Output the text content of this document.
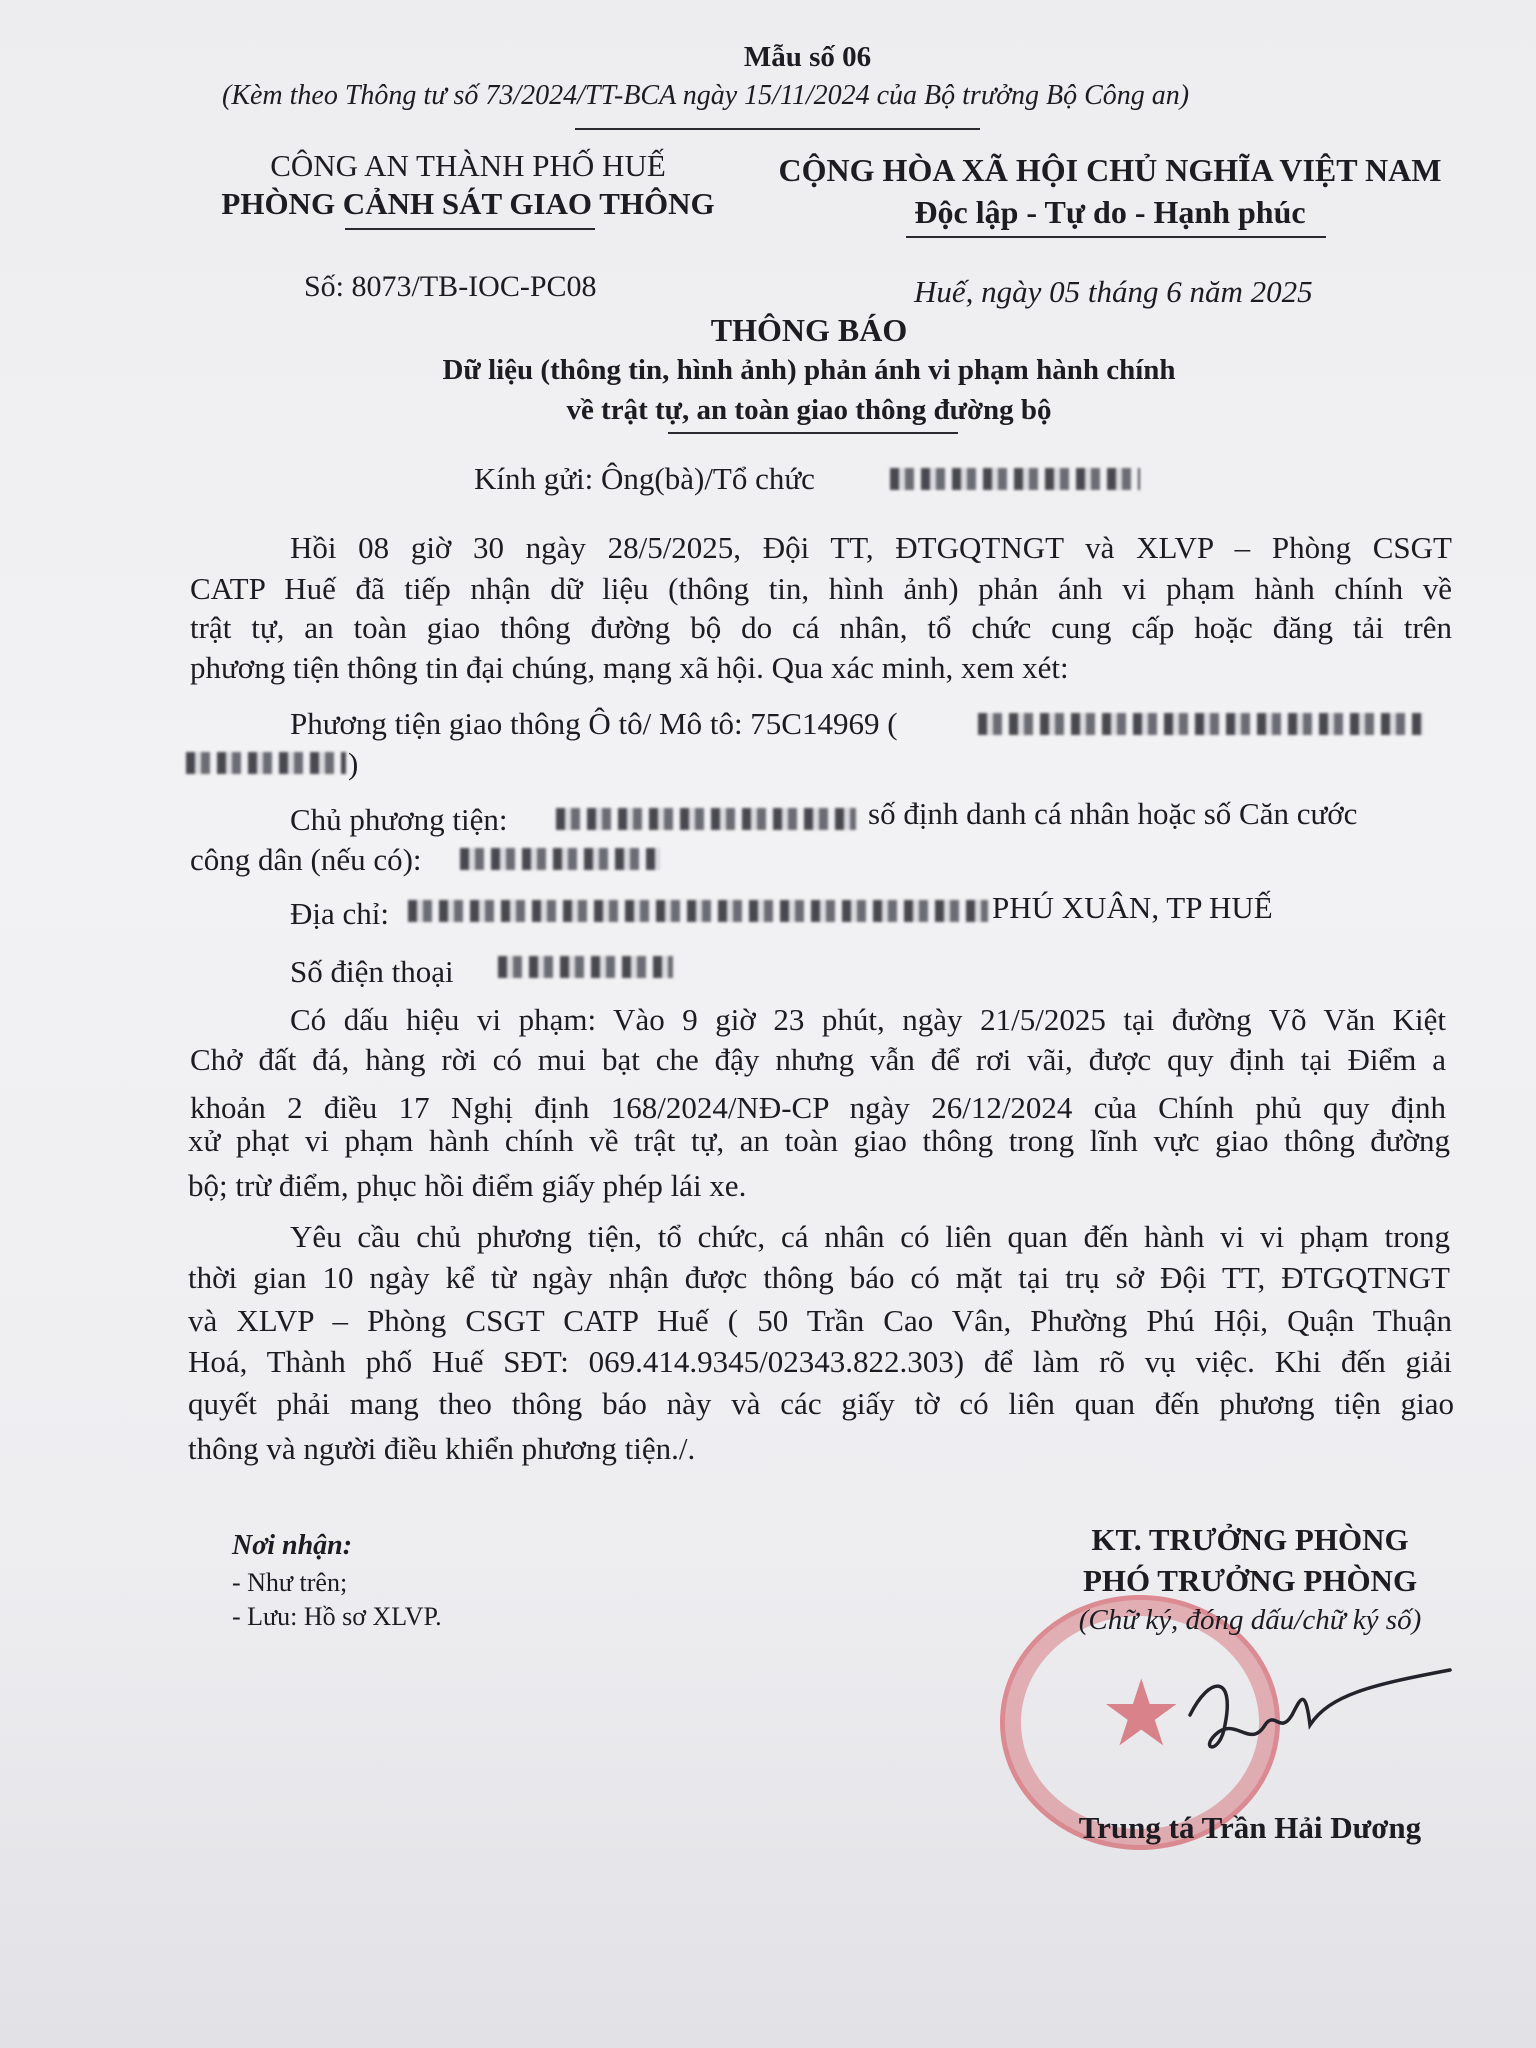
Mẫu số 06
(Kèm theo Thông tư số 73/2024/TT-BCA ngày 15/11/2024 của Bộ trưởng Bộ Công an)
CÔNG AN THÀNH PHỐ HUẾ
PHÒNG CẢNH SÁT GIAO THÔNG
CỘNG HÒA XÃ HỘI CHỦ NGHĨA VIỆT NAM
Độc lập - Tự do - Hạnh phúc
Số: 8073/TB-IOC-PC08	Huế, ngày 05 tháng 6 năm 2025
THÔNG BÁO
Dữ liệu (thông tin, hình ảnh) phản ánh vi phạm hành chính
về trật tự, an toàn giao thông đường bộ
Kính gửi: Ông(bà)/Tổ chức
Hồi 08 giờ 30 ngày 28/5/2025, Đội TT, ĐTGQTNGT và XLVP – Phòng CSGT
CATP Huế đã tiếp nhận dữ liệu (thông tin, hình ảnh) phản ánh vi phạm hành chính về
trật tự, an toàn giao thông đường bộ do cá nhân, tổ chức cung cấp hoặc đăng tải trên
phương tiện thông tin đại chúng, mạng xã hội. Qua xác minh, xem xét:
Phương tiện giao thông Ô tô/ Mô tô: 75C14969 (
)
Chủ phương tiện:	số định danh cá nhân hoặc số Căn cước
công dân (nếu có):
Địa chỉ:	PHÚ XUÂN, TP HUẾ
Số điện thoại
Có dấu hiệu vi phạm: Vào 9 giờ 23 phút, ngày 21/5/2025 tại đường Võ Văn Kiệt
Chở đất đá, hàng rời có mui bạt che đậy nhưng vẫn để rơi vãi, được quy định tại Điểm a
khoản 2 điều 17 Nghị định 168/2024/NĐ-CP ngày 26/12/2024 của Chính phủ quy định
xử phạt vi phạm hành chính về trật tự, an toàn giao thông trong lĩnh vực giao thông đường
bộ; trừ điểm, phục hồi điểm giấy phép lái xe.
Yêu cầu chủ phương tiện, tổ chức, cá nhân có liên quan đến hành vi vi phạm trong
thời gian 10 ngày kể từ ngày nhận được thông báo có mặt tại trụ sở Đội TT, ĐTGQTNGT
và XLVP – Phòng CSGT CATP Huế ( 50 Trần Cao Vân, Phường Phú Hội, Quận Thuận
Hoá, Thành phố Huế SĐT: 069.414.9345/02343.822.303) để làm rõ vụ việc. Khi đến giải
quyết phải mang theo thông báo này và các giấy tờ có liên quan đến phương tiện giao
thông và người điều khiển phương tiện./.
Nơi nhận:
- Như trên;
- Lưu: Hồ sơ XLVP.
★
KT. TRƯỞNG PHÒNG
PHÓ TRƯỞNG PHÒNG
(Chữ ký, đóng dấu/chữ ký số)
Trung tá Trần Hải Dương
